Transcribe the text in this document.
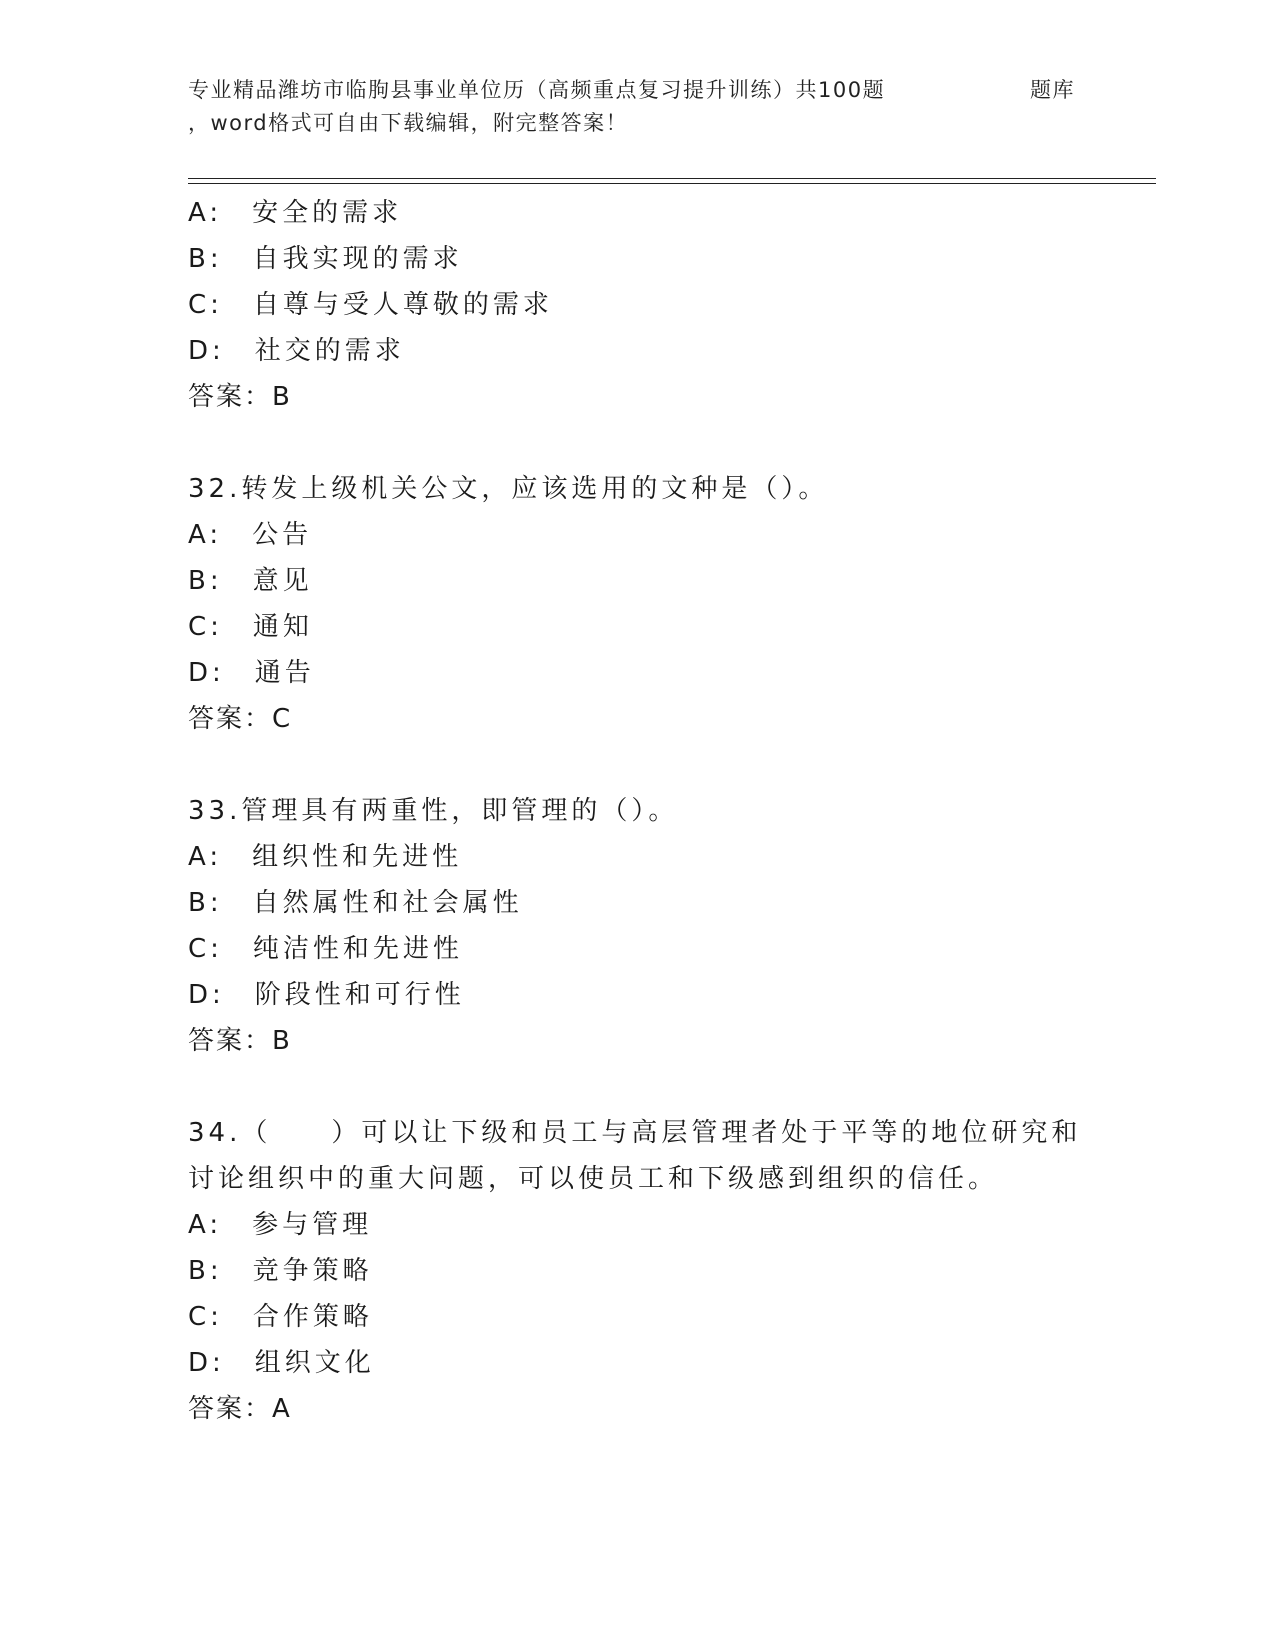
专业精品潍坊市临朐县事业单位历（高频重点复习提升训练）共100题	题库
，word格式可自由下载编辑，附完整答案！
A:　安全的需求
B:　自我实现的需求
C:　自尊与受人尊敬的需求
D:　社交的需求
答案：B
32.转发上级机关公文，应该选用的文种是（）。
A:　公告
B:　意见
C:　通知
D:　通告
答案：C
33.管理具有两重性，即管理的（）。
A:　组织性和先进性
B:　自然属性和社会属性
C:　纯洁性和先进性
D:　阶段性和可行性
答案：B
34.（　　）可以让下级和员工与高层管理者处于平等的地位研究和讨论组织中的重大问题，可以使员工和下级感到组织的信任。
A:　参与管理
B:　竞争策略
C:　合作策略
D:　组织文化
答案：A
